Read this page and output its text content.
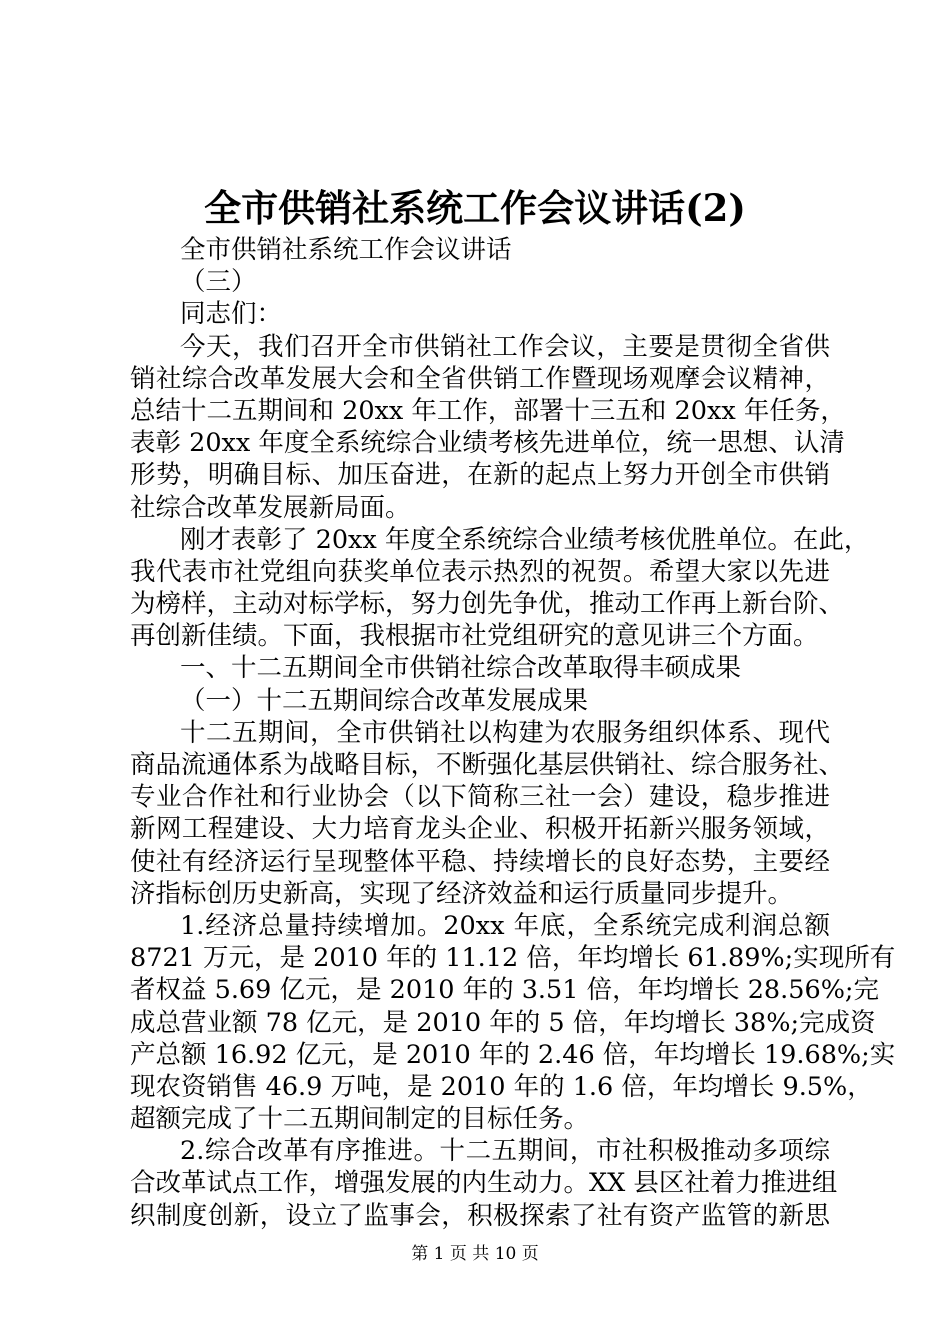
全市供销社系统工作会议讲话(2)
全市供销社系统工作会议讲话
（三）
同志们：
今天，我们召开全市供销社工作会议，主要是贯彻全省供
销社综合改革发展大会和全省供销工作暨现场观摩会议精神，
总结十二五期间和 20xx 年工作，部署十三五和 20xx 年任务，
表彰 20xx 年度全系统综合业绩考核先进单位，统一思想、认清
形势，明确目标、加压奋进，在新的起点上努力开创全市供销
社综合改革发展新局面。
刚才表彰了 20xx 年度全系统综合业绩考核优胜单位。在此，
我代表市社党组向获奖单位表示热烈的祝贺。希望大家以先进
为榜样，主动对标学标，努力创先争优，推动工作再上新台阶、
再创新佳绩。下面，我根据市社党组研究的意见讲三个方面。
一、十二五期间全市供销社综合改革取得丰硕成果
（一）十二五期间综合改革发展成果
十二五期间，全市供销社以构建为农服务组织体系、现代
商品流通体系为战略目标，不断强化基层供销社、综合服务社、
专业合作社和行业协会（以下简称三社一会）建设，稳步推进
新网工程建设、大力培育龙头企业、积极开拓新兴服务领域，
使社有经济运行呈现整体平稳、持续增长的良好态势，主要经
济指标创历史新高，实现了经济效益和运行质量同步提升。
1.经济总量持续增加。20xx 年底，全系统完成利润总额
8721 万元，是 2010 年的 11.12 倍，年均增长 61.89%;实现所有
者权益 5.69 亿元，是 2010 年的 3.51 倍，年均增长 28.56%;完
成总营业额 78 亿元，是 2010 年的 5 倍，年均增长 38%;完成资
产总额 16.92 亿元，是 2010 年的 2.46 倍，年均增长 19.68%;实
现农资销售 46.9 万吨，是 2010 年的 1.6 倍，年均增长 9.5%，
超额完成了十二五期间制定的目标任务。
2.综合改革有序推进。十二五期间，市社积极推动多项综
合改革试点工作，增强发展的内生动力。XX 县区社着力推进组
织制度创新，设立了监事会，积极探索了社有资产监管的新思
第 1 页 共 10 页
